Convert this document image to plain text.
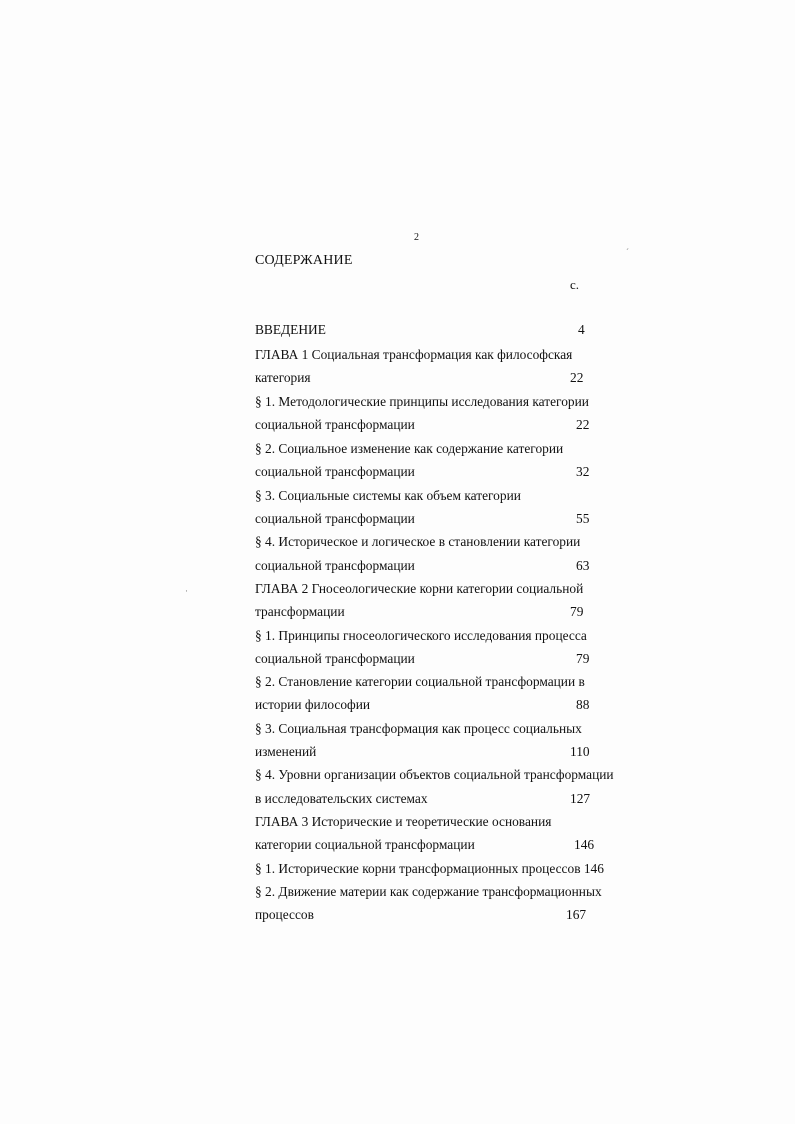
2
СОДЕРЖАНИЕ
с.
ВВЕДЕНИЕ	4
ГЛАВА 1 Социальная трансформация как философская
категория	22
§ 1. Методологические принципы исследования категории
социальной трансформации	22
§ 2. Социальное изменение как содержание категории
социальной трансформации	32
§ 3. Социальные системы как объем категории
социальной трансформации	55
§ 4. Историческое и логическое в становлении категории
социальной трансформации	63
ГЛАВА 2 Гносеологические корни категории социальной
трансформации	79
§ 1. Принципы гносеологического исследования процесса
социальной трансформации	79
§ 2. Становление категории социальной трансформации в
истории философии	88
§ 3. Социальная трансформация как процесс социальных
изменений	110
§ 4. Уровни организации объектов социальной трансформации
в исследовательских системах	127
ГЛАВА 3 Исторические и теоретические основания
категории социальной трансформации	146
§ 1. Исторические корни трансформационных процессов 146
§ 2. Движение материи как содержание трансформационных
процессов	167
ˊ
·
